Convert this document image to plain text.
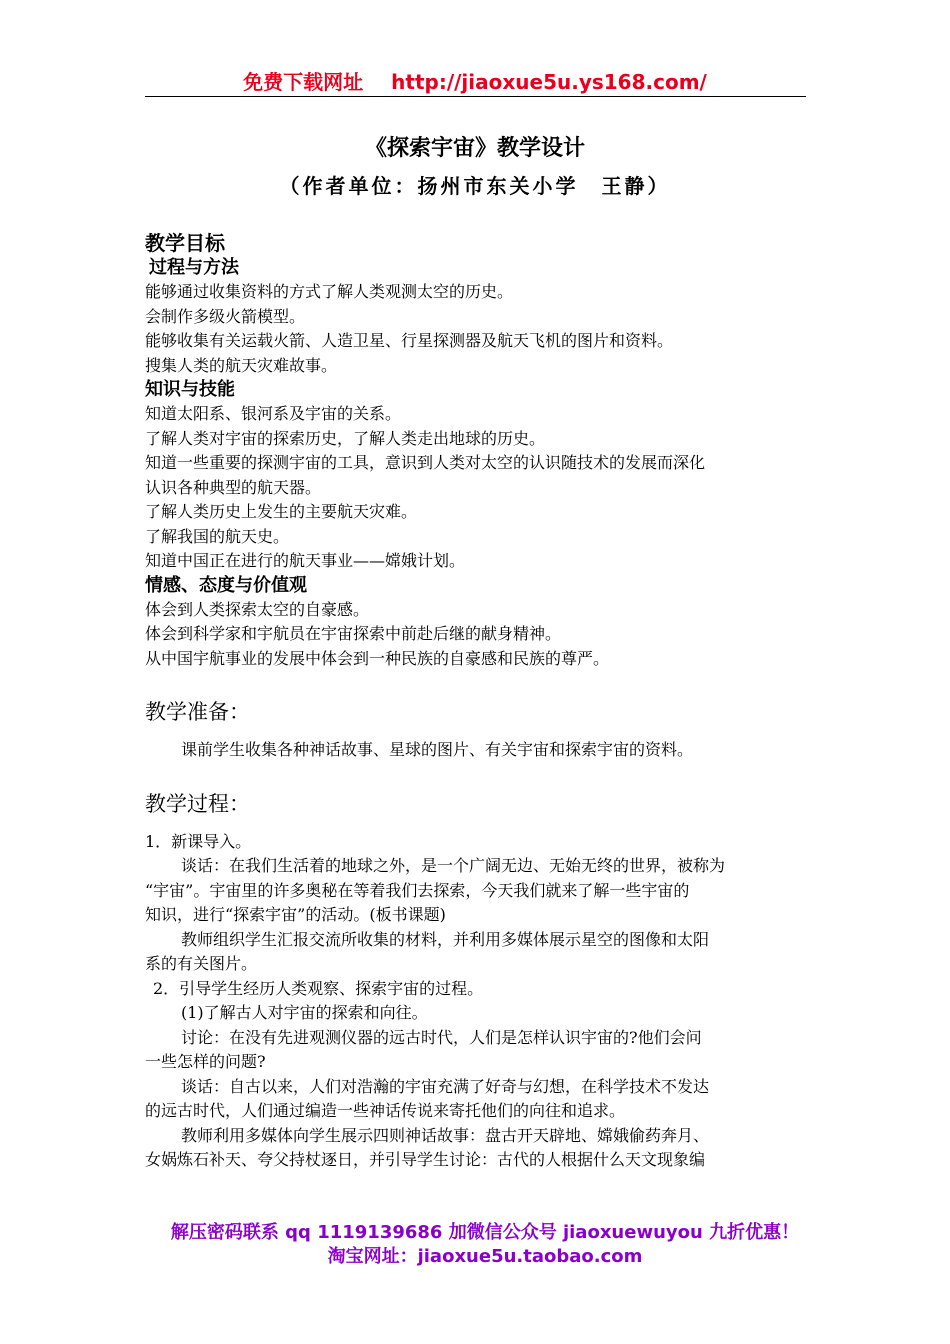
免费下载网址 http://jiaoxue5u.ys168.com/
《探索宇宙》教学设计
（作者单位：扬州市东关小学　王静）
教学目标
过程与方法
能够通过收集资料的方式了解人类观测太空的历史。
会制作多级火箭模型。
能够收集有关运载火箭、人造卫星、行星探测器及航天飞机的图片和资料。
搜集人类的航天灾难故事。
知识与技能
知道太阳系、银河系及宇宙的关系。
了解人类对宇宙的探索历史，了解人类走出地球的历史。
知道一些重要的探测宇宙的工具，意识到人类对太空的认识随技术的发展而深化
认识各种典型的航天器。
了解人类历史上发生的主要航天灾难。
了解我国的航天史。
知道中国正在进行的航天事业——嫦娥计划。
情感、态度与价值观
体会到人类探索太空的自豪感。
体会到科学家和宇航员在宇宙探索中前赴后继的献身精神。
从中国宇航事业的发展中体会到一种民族的自豪感和民族的尊严。
教学准备：
课前学生收集各种神话故事、星球的图片、有关宇宙和探索宇宙的资料。
教学过程：
1．新课导入。
谈话：在我们生活着的地球之外，是一个广阔无边、无始无终的世界，被称为
“宇宙”。宇宙里的许多奥秘在等着我们去探索，今天我们就来了解一些宇宙的
知识，进行“探索宇宙”的活动。(板书课题)
教师组织学生汇报交流所收集的材料，并利用多媒体展示星空的图像和太阳
系的有关图片。
2．引导学生经历人类观察、探索宇宙的过程。
(1)了解古人对宇宙的探索和向往。
讨论：在没有先进观测仪器的远古时代，人们是怎样认识宇宙的?他们会问
一些怎样的问题?
谈话：自古以来，人们对浩瀚的宇宙充满了好奇与幻想，在科学技术不发达
的远古时代，人们通过编造一些神话传说来寄托他们的向往和追求。
教师利用多媒体向学生展示四则神话故事：盘古开天辟地、嫦娥偷药奔月、
女娲炼石补天、夸父持杖逐日，并引导学生讨论：古代的人根据什么天文现象编
解压密码联系 qq 1119139686 加微信公众号 jiaoxuewuyou 九折优惠！
淘宝网址：jiaoxue5u.taobao.com
